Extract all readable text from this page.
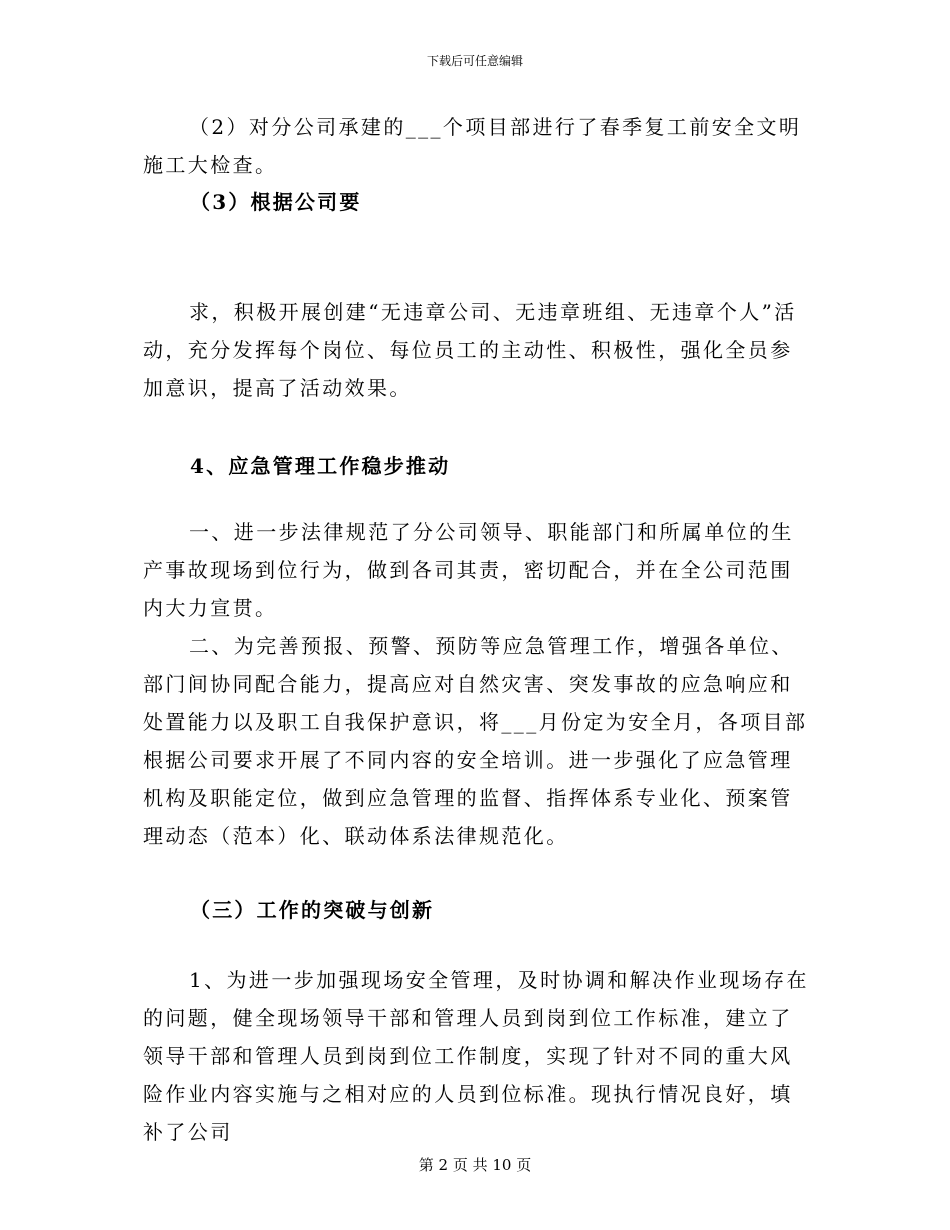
下载后可任意编辑

（2）对分公司承建的___个项目部进行了春季复工前安全文明施工大检查。

（3）根据公司要

求，积极开展创建“无违章公司、无违章班组、无违章个人”活动，充分发挥每个岗位、每位员工的主动性、积极性，强化全员参加意识，提高了活动效果。

4、应急管理工作稳步推动

一、进一步法律规范了分公司领导、职能部门和所属单位的生产事故现场到位行为，做到各司其责，密切配合，并在全公司范围内大力宣贯。

二、为完善预报、预警、预防等应急管理工作，增强各单位、部门间协同配合能力，提高应对自然灾害、突发事故的应急响应和处置能力以及职工自我保护意识，将___月份定为安全月，各项目部根据公司要求开展了不同内容的安全培训。进一步强化了应急管理机构及职能定位，做到应急管理的监督、指挥体系专业化、预案管理动态（范本）化、联动体系法律规范化。

（三）工作的突破与创新

1、为进一步加强现场安全管理，及时协调和解决作业现场存在的问题，健全现场领导干部和管理人员到岗到位工作标准，建立了领导干部和管理人员到岗到位工作制度，实现了针对不同的重大风险作业内容实施与之相对应的人员到位标准。现执行情况良好，填补了公司

第 2 页 共 10 页
